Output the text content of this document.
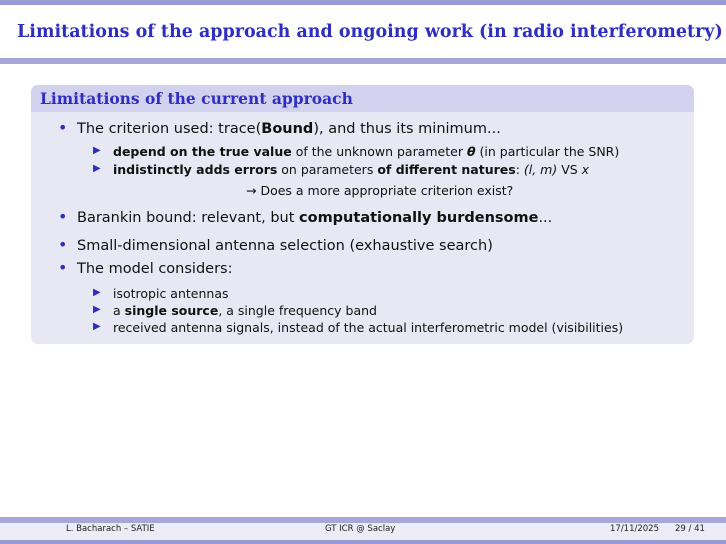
Limitations of the approach and ongoing work (in radio interferometry)
Limitations of the current approach
• The criterion used: trace(Bound), and thus its minimum...
▶ depend on the true value of the unknown parameter θ (in particular the SNR)
▶ indistinctly adds errors on parameters of different natures: (l, m) VS x
→ Does a more appropriate criterion exist?
• Barankin bound: relevant, but computationally burdensome...
• Small-dimensional antenna selection (exhaustive search)
• The model considers:
▶ isotropic antennas
▶ a single source, a single frequency band
▶ received antenna signals, instead of the actual interferometric model (visibilities)
L. Bacharach – SATIE	GT ICR @ Saclay	17/11/2025 29 / 41
